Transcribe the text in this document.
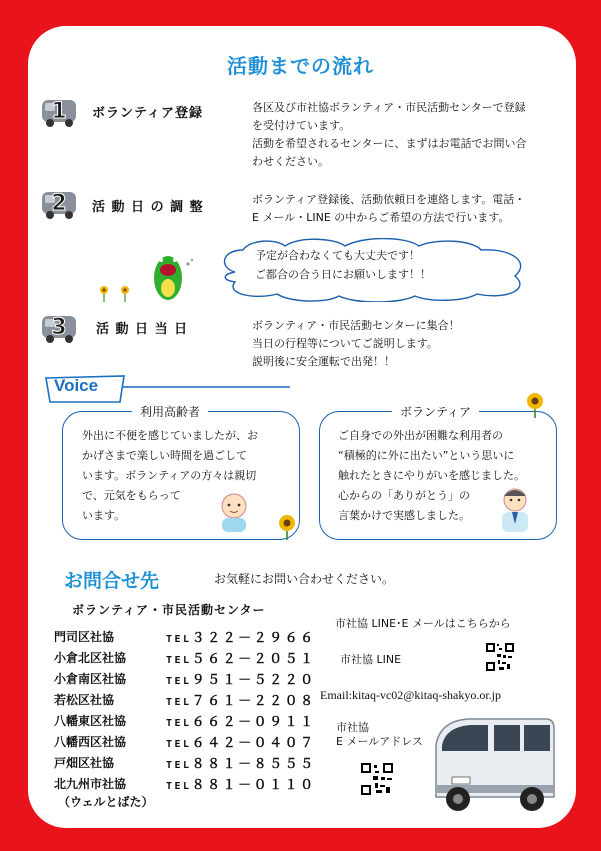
活動までの流れ
1
2
3
ボランティア登録
活 動 日 の 調 整
活 動 日 当 日
各区及び市社協ボランティア・市民活動センターで登録
を受付けています。
活動を希望されるセンターに、まずはお電話でお問い合
わせください。
ボランティア登録後、活動依頼日を連絡します。電話・
E メール・LINE の中からご希望の方法で行います。
ボランティア・市民活動センターに集合！
当日の行程等についてご説明します。
説明後に安全運転で出発！！
予定が合わなくても大丈夫です！
ご都合の合う日にお願いします！！
Voice
利用高齢者
外出に不便を感じていましたが、お
かげさまで楽しい時間を過ごして
います。ボランティアの方々は親切
で、元気をもらって
います。
ボランティア
ご自身での外出が困難な利用者の
“積極的に外に出たい”という思いに
触れたときにやりがいを感じました。
心からの「ありがとう」の
言葉かけで実感しました。
お問合せ先	お気軽にお問い合わせください。
ボランティア・市民活動センター
門司区社協	TEL３２２－２９６６
小倉北区社協	TEL５６２－２０５１
小倉南区社協	TEL９５１－５２２０
若松区社協	TEL７６１－２２０８
八幡東区社協	TEL６６２－０９１１
八幡西区社協	TEL６４２－０４０７
戸畑区社協	TEL８８１－８５５５
北九州市社協	TEL８８１－０１１０
（ウェルとばた）
市社協 LINE･E メールはこちらから
市社協 LINE
Email:kitaq-vc02@kitaq-shakyo.or.jp
市社協
E メールアドレス
